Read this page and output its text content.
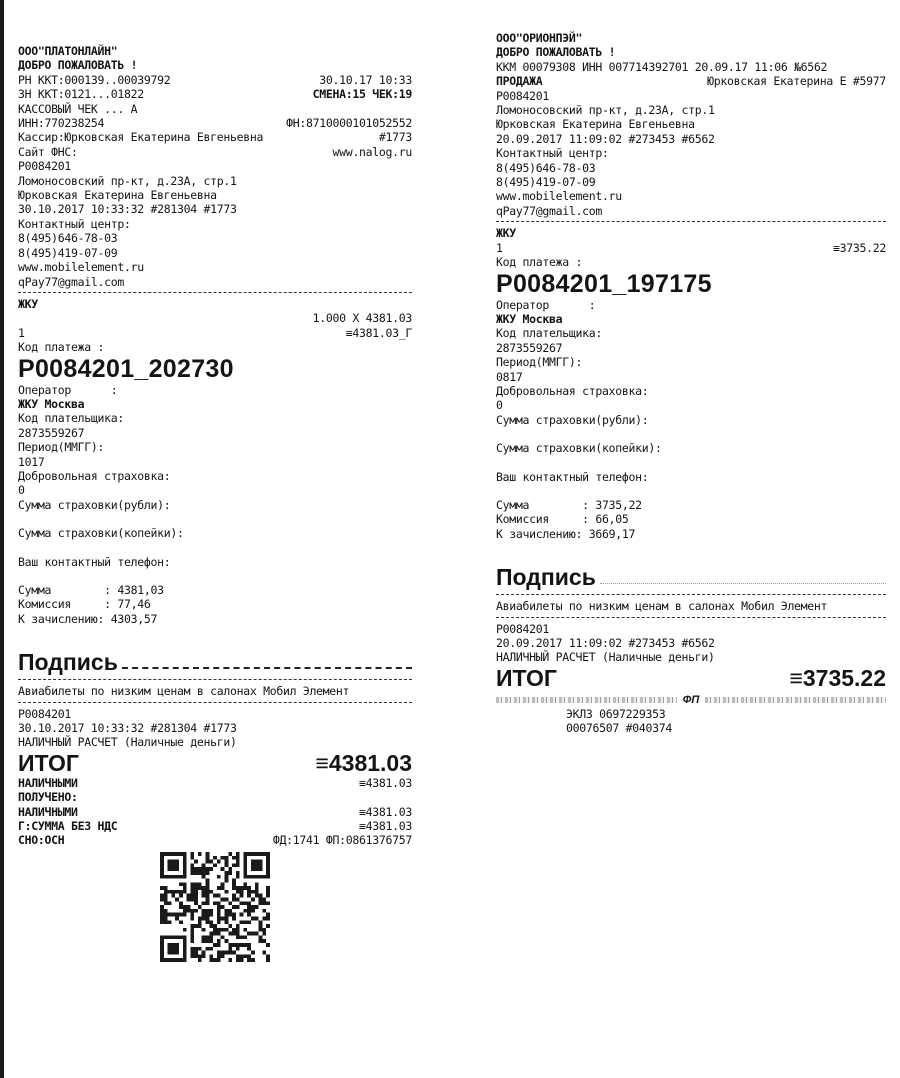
ООО"ПЛАТОНЛАЙН"
ДОБРО ПОЖАЛОВАТЬ !
РН ККТ:000139..00039792	30.10.17 10:33
ЗН ККТ:0121...01822	СМЕНА:15 ЧЕК:19
КАССОВЫЙ ЧЕК ... А
ИНН:770238254	ФН:8710000101052552
Кассир:Юрковская Екатерина Евгеньевна	#1773
Сайт ФНС:	www.nalog.ru
Р0084201
Ломоносовский пр-кт, д.23А, стр.1
Юрковская Екатерина Евгеньевна
30.10.2017 10:33:32 #281304 #1773
Контактный центр:
8(495)646-78-03
8(495)419-07-09
www.mobilelement.ru
qPay77@gmail.com
ЖКУ
1.000 X 4381.03
1	≡4381.03_Г
Код платежа :
Р0084201_202730
Оператор      :
ЖКУ Москва
Код плательщика:
2873559267
Период(ММГГ):
1017
Добровольная страховка:
0
Сумма страховки(рубли):
Сумма страховки(копейки):
Ваш контактный телефон:
Сумма        : 4381,03
Комиссия     : 77,46
К зачислению: 4303,57
Подпись
Авиабилеты по низким ценам в салонах Мобил Элемент
Р0084201
30.10.2017 10:33:32 #281304 #1773
НАЛИЧНЫЙ РАСЧЕТ (Наличные деньги)
ИТОГ	≡4381.03
НАЛИЧНЫМИ	≡4381.03
ПОЛУЧЕНО:
НАЛИЧНЫМИ	≡4381.03
Г:СУММА БЕЗ НДС	≡4381.03
СНО:ОСН	ФД:1741 ФП:0861376757
ООО"ОРИОНПЭЙ"
ДОБРО ПОЖАЛОВАТЬ !
ККМ 00079308 ИНН 007714392701 20.09.17 11:06 №6562
ПРОДАЖА	Юрковская Екатерина Е #5977
Р0084201
Ломоносовский пр-кт, д.23А, стр.1
Юрковская Екатерина Евгеньевна
20.09.2017 11:09:02 #273453 #6562
Контактный центр:
8(495)646-78-03
8(495)419-07-09
www.mobilelement.ru
qPay77@gmail.com
ЖКУ
1	≡3735.22
Код платежа :
Р0084201_197175
Оператор      :
ЖКУ Москва
Код плательщика:
2873559267
Период(ММГГ):
0817
Добровольная страховка:
0
Сумма страховки(рубли):
Сумма страховки(копейки):
Ваш контактный телефон:
Сумма        : 3735,22
Комиссия     : 66,05
К зачислению: 3669,17
Подпись
Авиабилеты по низким ценам в салонах Мобил Элемент
Р0084201
20.09.2017 11:09:02 #273453 #6562
НАЛИЧНЫЙ РАСЧЕТ (Наличные деньги)
ИТОГ	≡3735.22
ФП
ЭКЛЗ 0697229353
00076507 #040374
